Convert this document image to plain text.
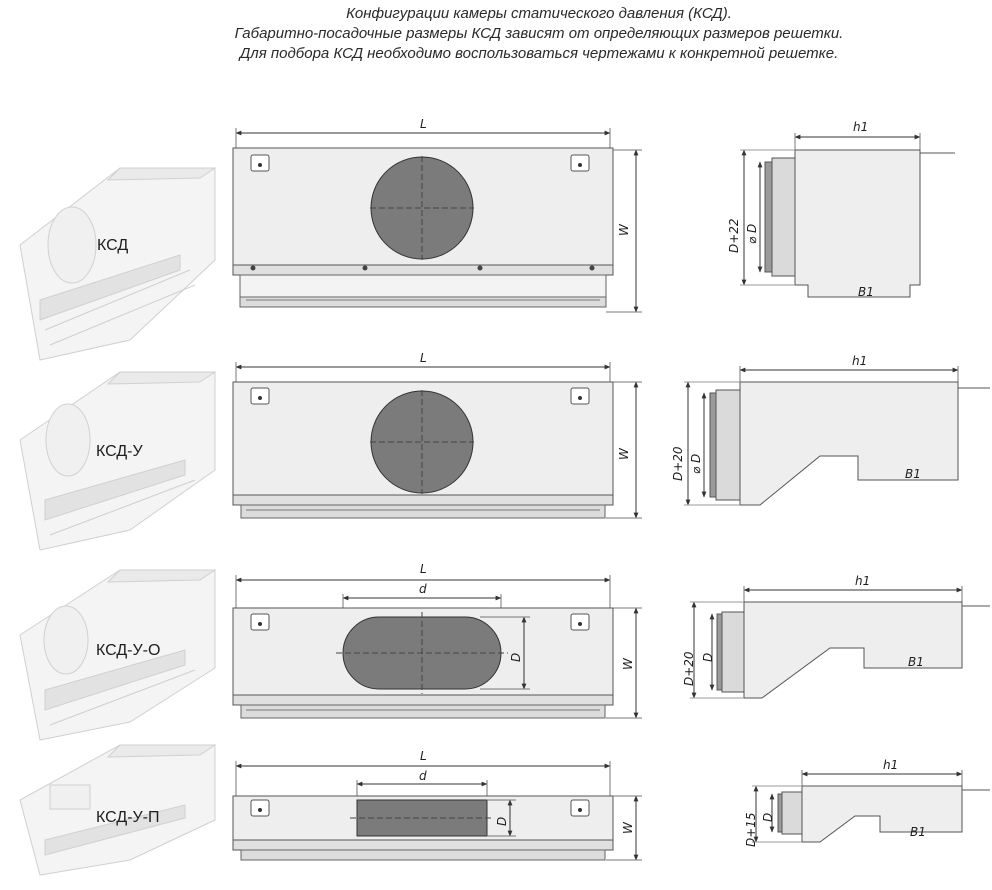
Конфигурации камеры статического давления (КСД).
Габаритно-посадочные размеры КСД зависят от определяющих размеров решетки.
Для подбора КСД необходимо воспользоваться чертежами к конкретной решетке.
КСД
L
W
h1
B1
D+22 ⌀ D
КСД-У
L
W
h1
B1
D+20 ⌀ D
КСД-У-О
L
d
D
W
h1
B1
D+20 D
КСД-У-П
L
d
D
W
h1
B1
D+15 D
